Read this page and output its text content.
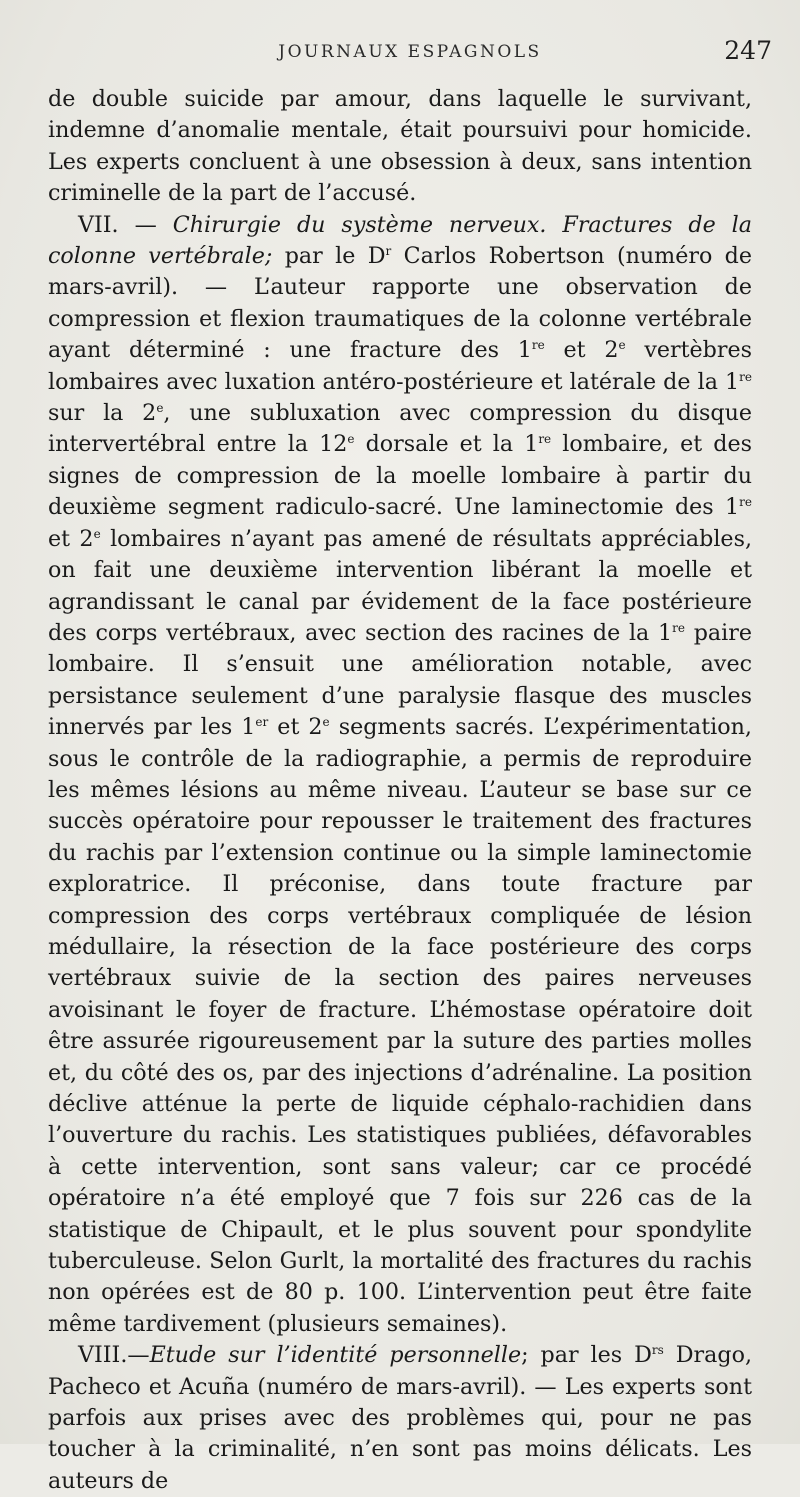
JOURNAUX ESPAGNOLS	247

de double suicide par amour, dans laquelle le survivant, indemne d’anomalie mentale, était poursuivi pour homicide. Les experts concluent à une obsession à deux, sans intention criminelle de la part de l’accusé.

VII. — Chirurgie du système nerveux. Fractures de la colonne vertébrale; par le $D^r$ Carlos Robertson (numéro de mars-avril). — L’auteur rapporte une observation de compression et flexion traumatiques de la colonne vertébrale ayant déterminé : une fracture des 1re et 2e vertèbres lombaires avec luxation antéro-postérieure et latérale de la 1re sur la 2e, une subluxation avec compression du disque intervertébral entre la 12e dorsale et la 1re lombaire, et des signes de compression de la moelle lombaire à partir du deuxième segment radiculo-sacré. Une laminectomie des 1re et 2e lombaires n’ayant pas amené de résultats appréciables, on fait une deuxième intervention libérant la moelle et agrandissant le canal par évidement de la face postérieure des corps vertébraux, avec section des racines de la 1re paire lombaire. Il s’ensuit une amélioration notable, avec persistance seulement d’une paralysie flasque des muscles innervés par les 1er et 2e segments sacrés. L’expérimentation, sous le contrôle de la radiographie, a permis de reproduire les mêmes lésions au même niveau. L’auteur se base sur ce succès opératoire pour repousser le traitement des fractures du rachis par l’extension continue ou la simple laminectomie exploratrice. Il préconise, dans toute fracture par compression des corps vertébraux compliquée de lésion médullaire, la résection de la face postérieure des corps vertébraux suivie de la section des paires nerveuses avoisinant le foyer de fracture. L’hémostase opératoire doit être assurée rigoureusement par la suture des parties molles et, du côté des os, par des injections d’adrénaline. La position déclive atténue la perte de liquide céphalo-rachidien dans l’ouverture du rachis. Les statistiques publiées, défavorables à cette intervention, sont sans valeur; car ce procédé opératoire n’a été employé que 7 fois sur 226 cas de la statistique de Chipault, et le plus souvent pour spondylite tuberculeuse. Selon Gurlt, la mortalité des fractures du rachis non opérées est de 80 p. 100. L’intervention peut être faite même tardivement (plusieurs semaines).

VIII.—Etude sur l’identité personnelle; par les $D^{rs}$ Drago, Pacheco et Acuña (numéro de mars-avril). — Les experts sont parfois aux prises avec des problèmes qui, pour ne pas toucher à la criminalité, n’en sont pas moins délicats. Les auteurs de
